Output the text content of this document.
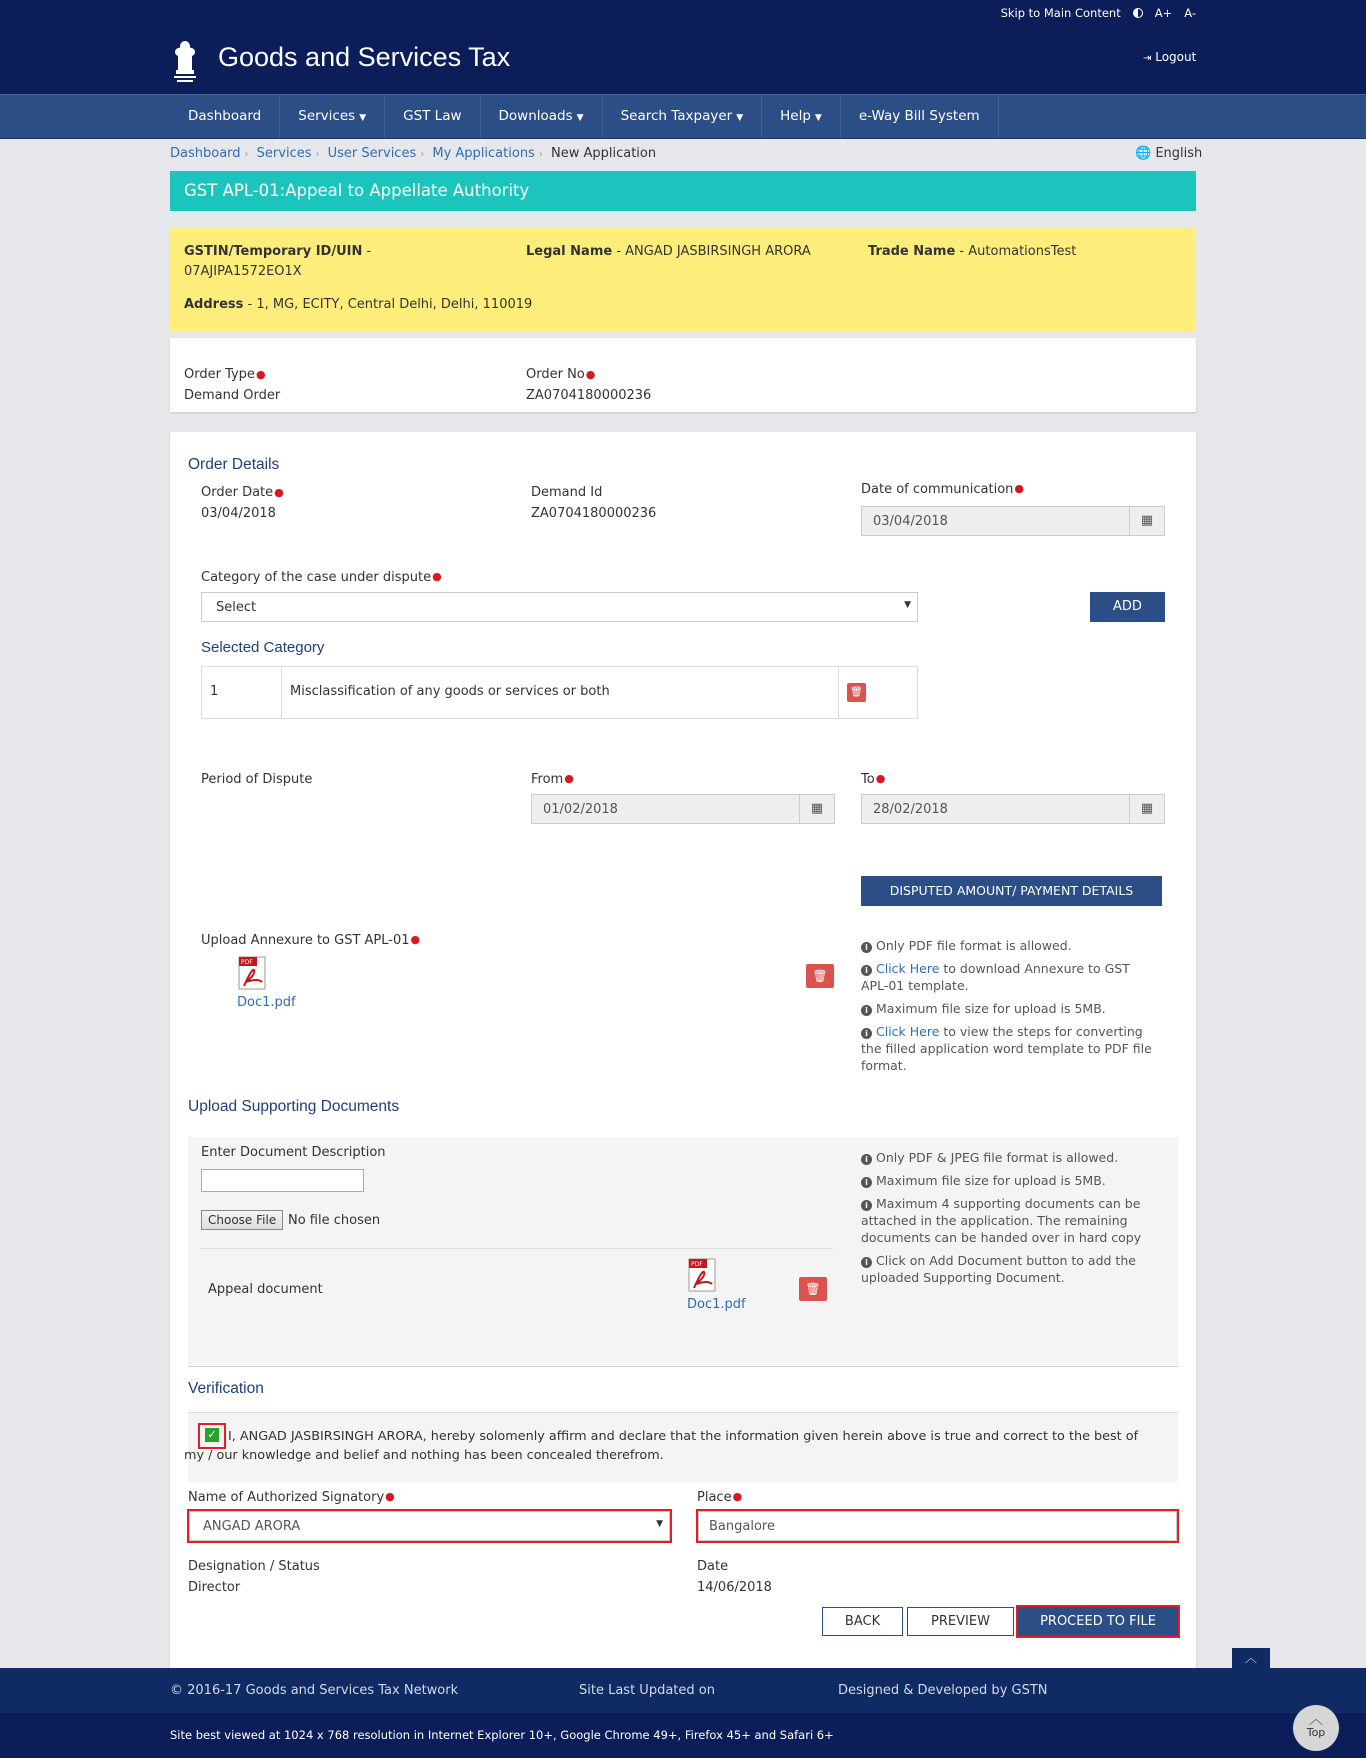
Skip to Main Content	A+ A-
Goods and Services Tax	⇥ Logout
Dashboard	Services ▼	GST Law	Downloads ▼	Search Taxpayer ▼	Help ▼	e-Way Bill System
Dashboard › Services › User Services › My Applications › New Application	🌐 English
GST APL-01:Appeal to Appellate Authority
GSTIN/Temporary ID/UIN -
07AJIPA1572EO1X
Legal Name - ANGAD JASBIRSINGH ARORA	Trade Name - AutomationsTest
Address - 1, MG, ECITY, Central Delhi, Delhi, 110019
Order Type●
Demand Order
Order No●
ZA0704180000236
Order Details
Order Date●
03/04/2018
Demand Id
ZA0704180000236
Date of communication●
03/04/2018	▦
Category of the case under dispute●
Select	▼	ADD
Selected Category
1	Misclassification of any goods or services or both	🗑
Period of Dispute	From●
01/02/2018	▦
To●
28/02/2018	▦
DISPUTED AMOUNT/ PAYMENT DETAILS
Upload Annexure to GST APL-01●
PDF
Doc1.pdf
🗑

i Only PDF file format is allowed.

i Click Here to download Annexure to GST APL-01 template.

i Maximum file size for upload is 5MB.

i Click Here to view the steps for converting the filled application word template to PDF file format.

Upload Supporting Documents
Enter Document Description
Choose File No file chosen
Appeal document
PDF
Doc1.pdf
🗑

i Only PDF & JPEG file format is allowed.

i Maximum file size for upload is 5MB.

i Maximum 4 supporting documents can be attached in the application. The remaining documents can be handed over in hard copy

i Click on Add Document button to add the uploaded Supporting Document.

Verification
✓ I, ANGAD JASBIRSINGH ARORA, hereby solomenly affirm and declare that the information given herein above is true and correct to the best of
my / our knowledge and belief and nothing has been concealed therefrom.
Name of Authorized Signatory●
ANGAD ARORA	▼
Place●
Bangalore
Designation / Status
Director
Date
14/06/2018
BACK	PREVIEW	PROCEED TO FILE
︿
© 2016-17 Goods and Services Tax Network	Site Last Updated on	Designed & Developed by GSTN
Site best viewed at 1024 x 768 resolution in Internet Explorer 10+, Google Chrome 49+, Firefox 45+ and Safari 6+
︿
Top
